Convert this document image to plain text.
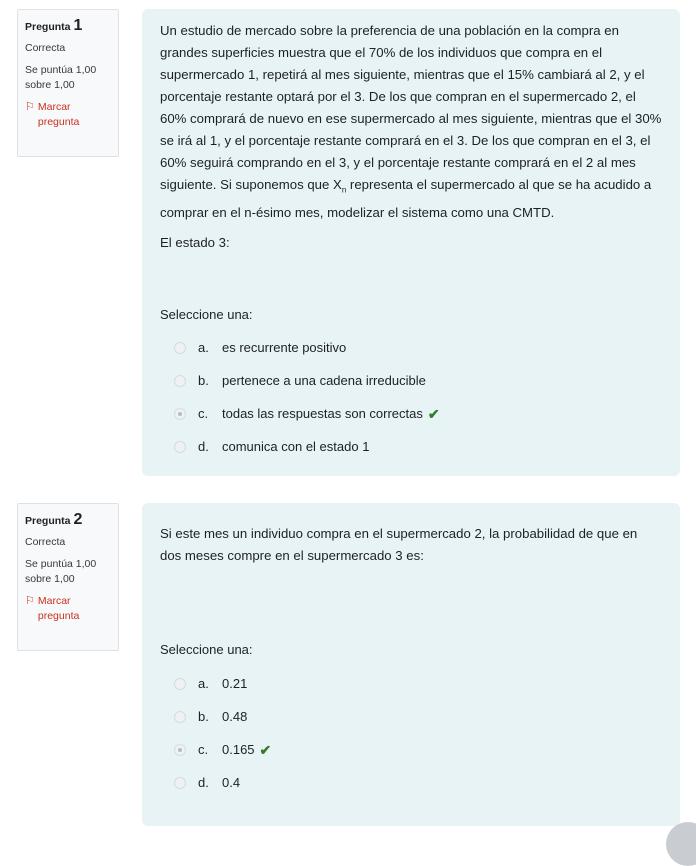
Pregunta 1
Correcta
Se puntúa 1,00 sobre 1,00
⚐ Marcar pregunta

Un estudio de mercado sobre la preferencia de una población en la compra en grandes superficies muestra que el 70% de los individuos que compra en el supermercado 1, repetirá al mes siguiente, mientras que el 15% cambiará al 2, y el porcentaje restante optará por el 3. De los que compran en el supermercado 2, el 60% comprará de nuevo en ese supermercado al mes siguiente, mientras que el 30% se irá al 1, y el porcentaje restante comprará en el 3. De los que compran en el 3, el 60% seguirá comprando en el 3, y el porcentaje restante comprará en el 2 al mes siguiente. Si suponemos que $X_n$ representa el supermercado al que se ha acudido a comprar en el n-ésimo mes, modelizar el sistema como una CMTD.

El estado 3:
Seleccione una:
a.	es recurrente positivo
b.	pertenece a una cadena irreducible
c.	todas las respuestas son correctas ✔
d.	comunica con el estado 1
Pregunta 2
Correcta
Se puntúa 1,00 sobre 1,00
⚐ Marcar pregunta

Si este mes un individuo compra en el supermercado 2, la probabilidad de que en dos meses compre en el supermercado 3 es:

Seleccione una:
a.	0.21
b.	0.48
c.	0.165 ✔
d.	0.4
